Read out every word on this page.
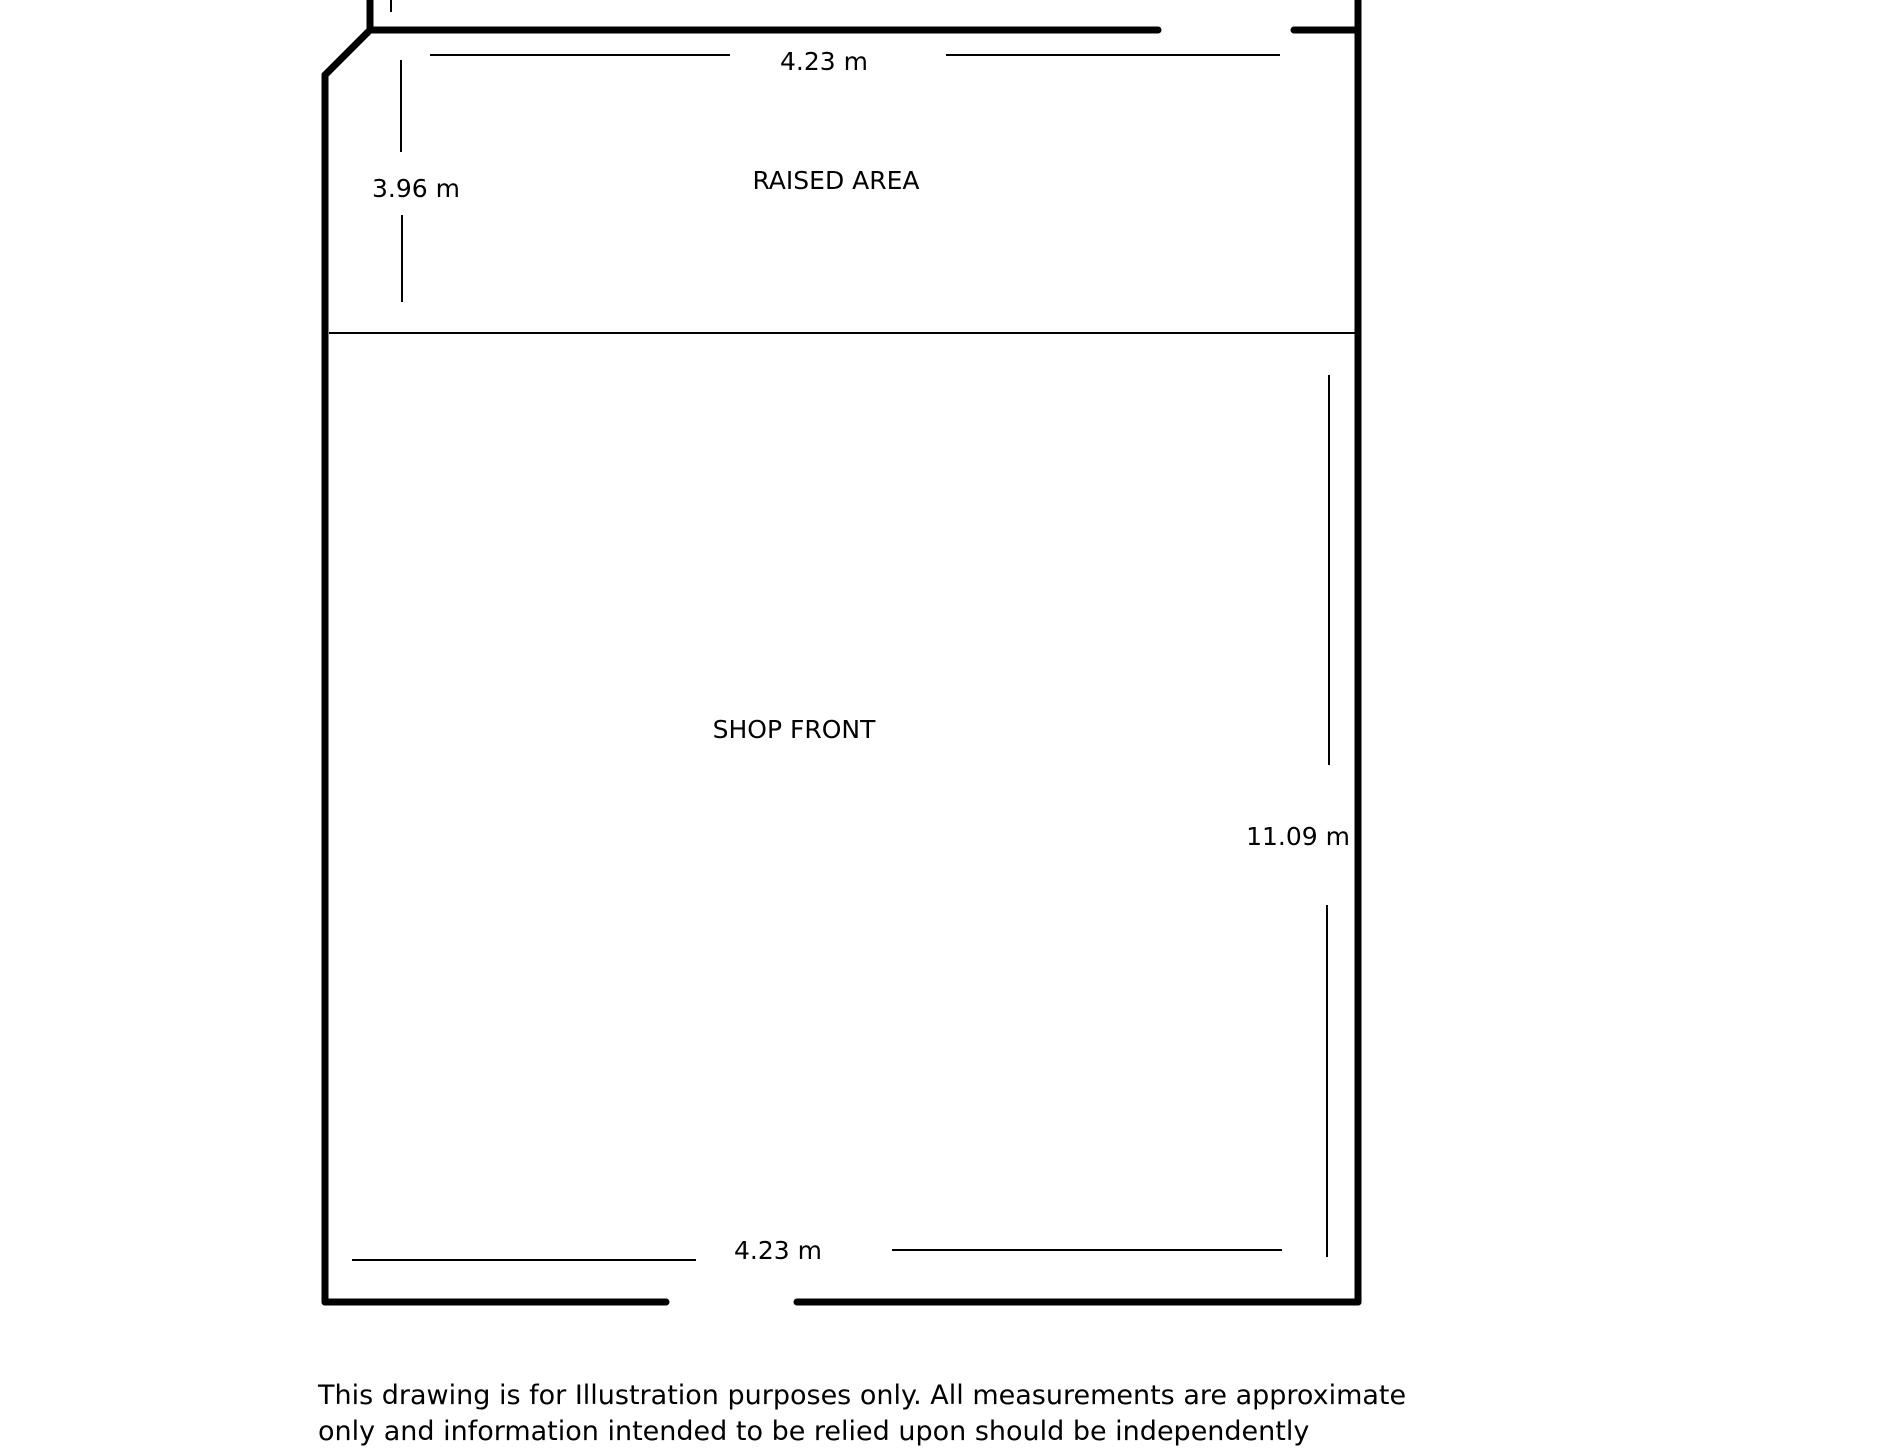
RAISED AREA
SHOP FRONT
4.23 m
3.96 m
11.09 m
4.23 m
This drawing is for Illustration purposes only. All measurements are approximate
only and information intended to be relied upon should be independently
